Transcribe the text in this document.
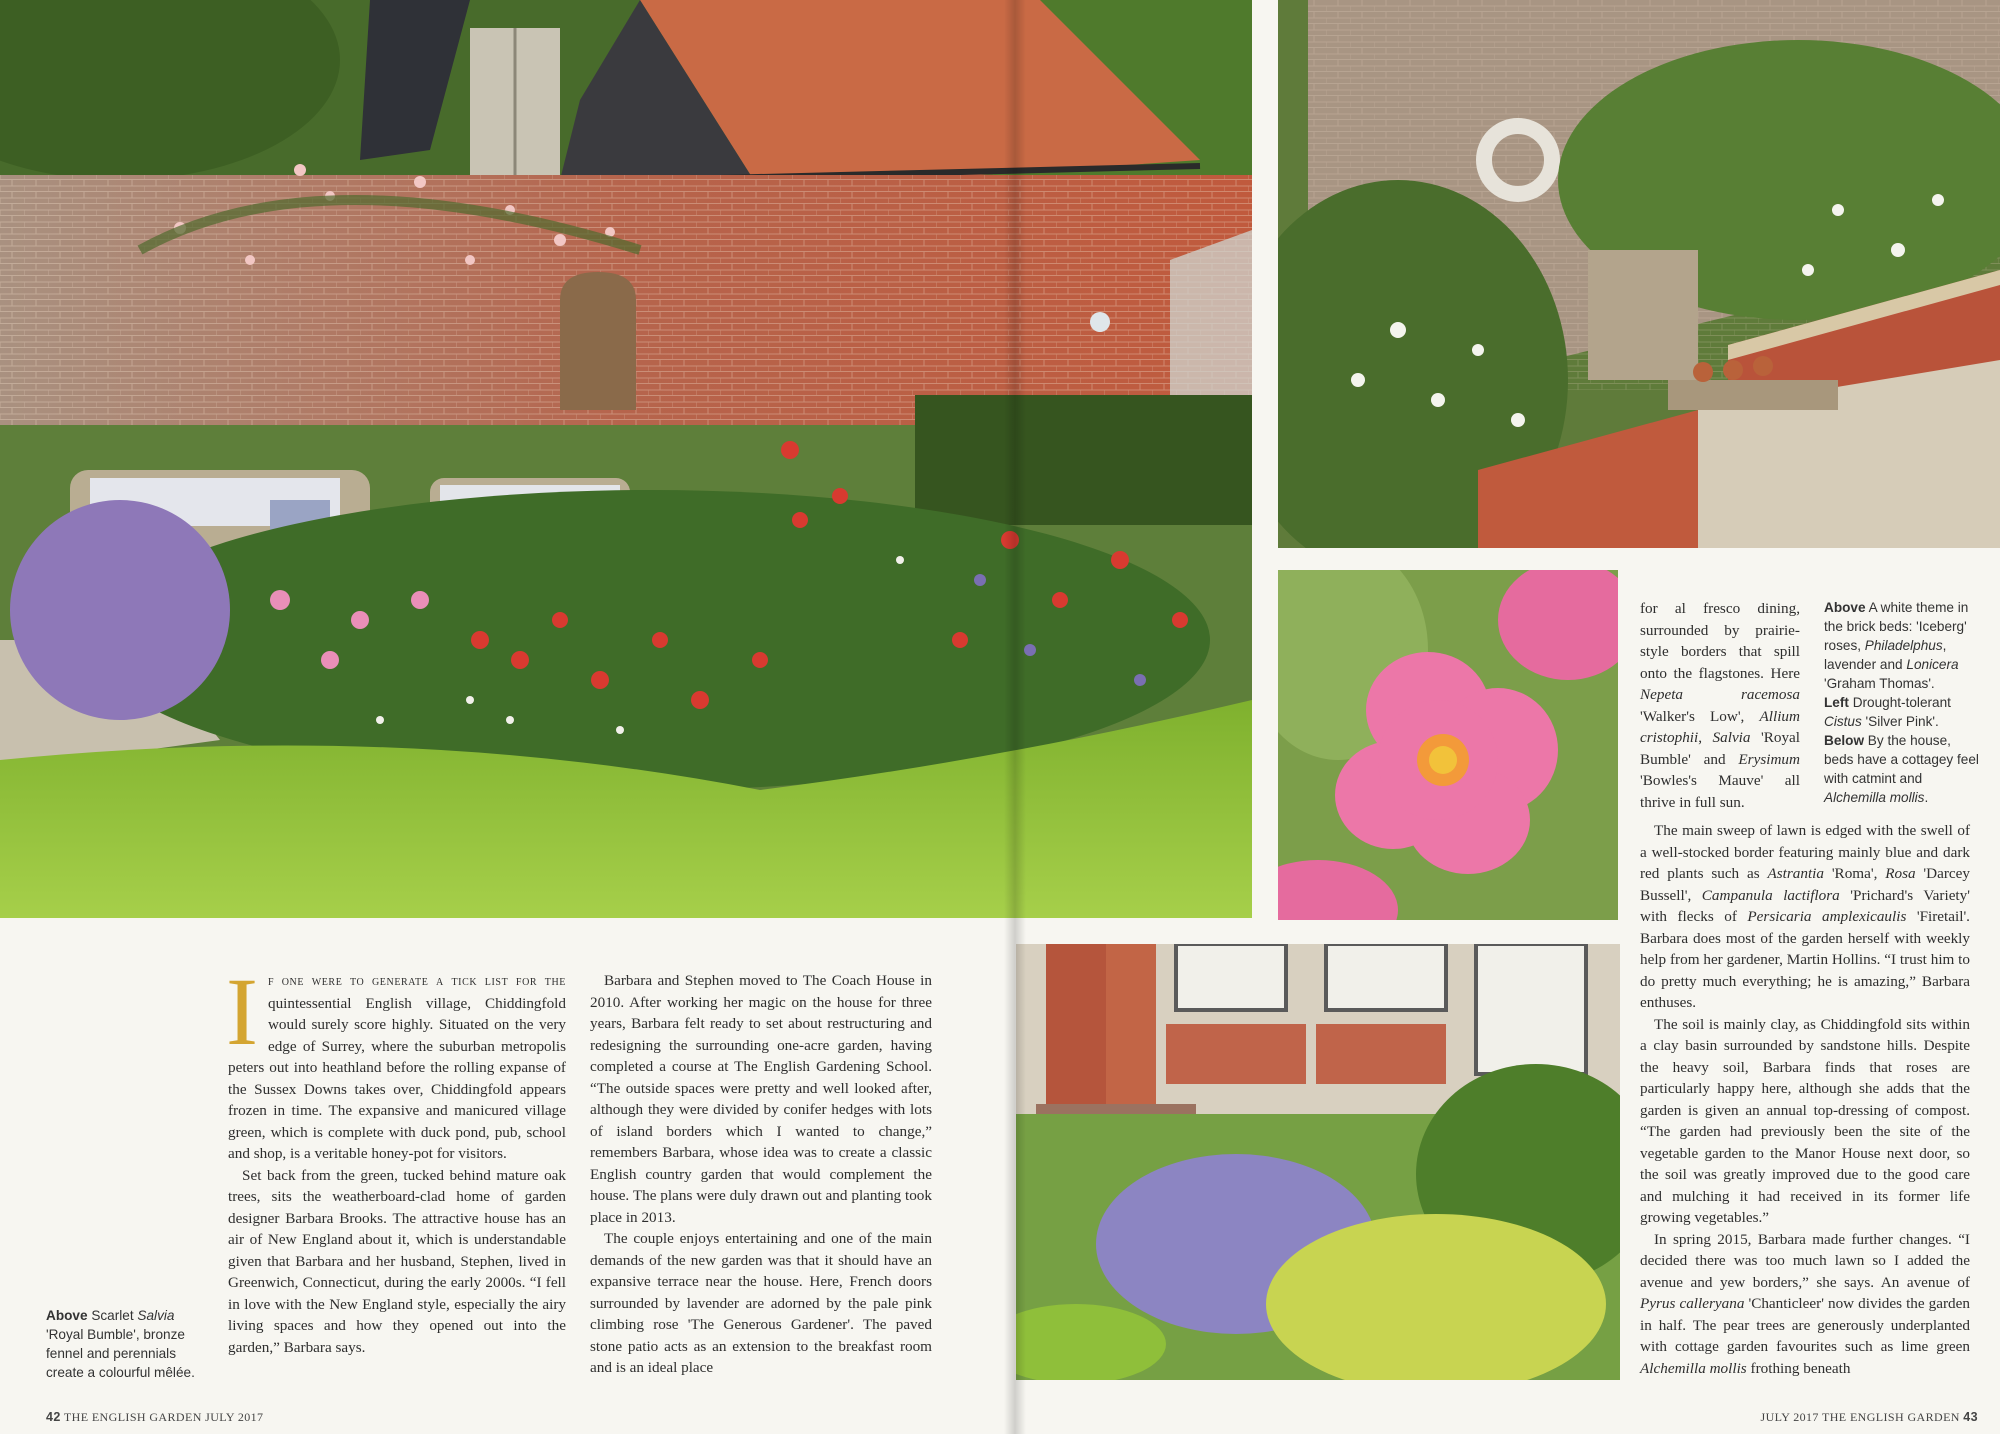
Above Scarlet Salvia 'Royal Bumble', bronze fennel and perennials create a colourful mêlée.

If one were to generate a tick list for the quintessential English village, Chiddingfold would surely score highly. Situated on the very edge of Surrey, where the suburban metropolis peters out into heathland before the rolling expanse of the Sussex Downs takes over, Chiddingfold appears frozen in time. The expansive and manicured village green, which is complete with duck pond, pub, school and shop, is a veritable honey-pot for visitors.

Set back from the green, tucked behind mature oak trees, sits the weatherboard-clad home of garden designer Barbara Brooks. The attractive house has an air of New England about it, which is understandable given that Barbara and her husband, Stephen, lived in Greenwich, Connecticut, during the early 2000s. “I fell in love with the New England style, especially the airy living spaces and how they opened out into the garden,” Barbara says.

Barbara and Stephen moved to The Coach House in 2010. After working her magic on the house for three years, Barbara felt ready to set about restructuring and redesigning the surrounding one-acre garden, having completed a course at The English Gardening School. “The outside spaces were pretty and well looked after, although they were divided by conifer hedges with lots of island borders which I wanted to change,” remembers Barbara, whose idea was to create a classic English country garden that would complement the house. The plans were duly drawn out and planting took place in 2013.

The couple enjoys entertaining and one of the main demands of the new garden was that it should have an expansive terrace near the house. Here, French doors surrounded by lavender are adorned by the pale pink climbing rose 'The Generous Gardener'. The paved stone patio acts as an extension to the breakfast room and is an ideal place

for al fresco dining, surrounded by prairie-style borders that spill onto the flagstones. Here Nepeta racemosa 'Walker's Low', Allium cristophii, Salvia 'Royal Bumble' and Erysimum 'Bowles's Mauve' all thrive in full sun.

Above A white theme in the brick beds: 'Iceberg' roses, Philadelphus, lavender and Lonicera 'Graham Thomas'.
Left Drought-tolerant Cistus 'Silver Pink'.
Below By the house, beds have a cottagey feel with catmint and Alchemilla mollis.

The main sweep of lawn is edged with the swell of a well-stocked border featuring mainly blue and dark red plants such as Astrantia 'Roma', Rosa 'Darcey Bussell', Campanula lactiflora 'Prichard's Variety' with flecks of Persicaria amplexicaulis 'Firetail'. Barbara does most of the garden herself with weekly help from her gardener, Martin Hollins. “I trust him to do pretty much everything; he is amazing,” Barbara enthuses.

The soil is mainly clay, as Chiddingfold sits within a clay basin surrounded by sandstone hills. Despite the heavy soil, Barbara finds that roses are particularly happy here, although she adds that the garden is given an annual top-dressing of compost. “The garden had previously been the site of the vegetable garden to the Manor House next door, so the soil was greatly improved due to the good care and mulching it had received in its former life growing vegetables.”

In spring 2015, Barbara made further changes. “I decided there was too much lawn so I added the avenue and yew borders,” she says. An avenue of Pyrus calleryana 'Chanticleer' now divides the garden in half. The pear trees are generously underplanted with cottage garden favourites such as lime green Alchemilla mollis frothing beneath

42 THE ENGLISH GARDEN JULY 2017	JULY 2017 THE ENGLISH GARDEN 43
